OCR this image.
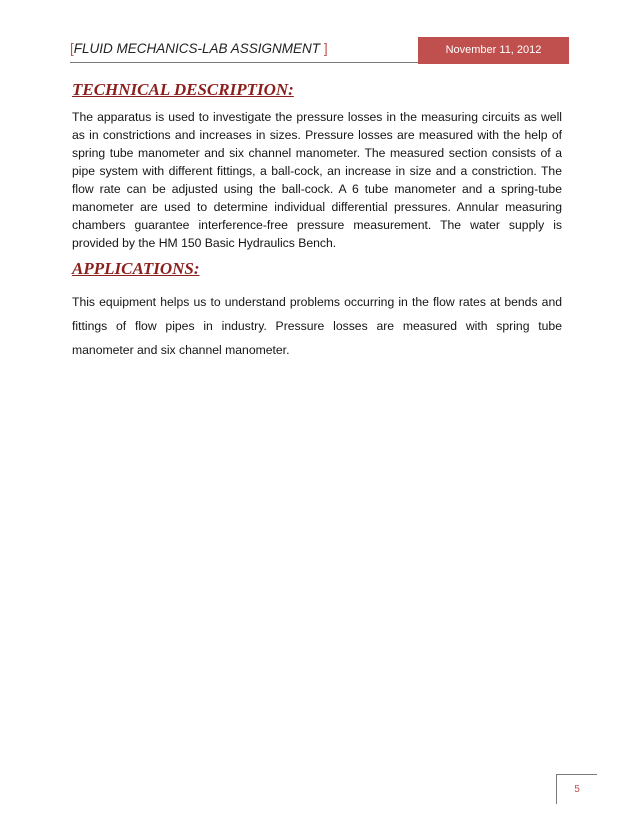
[FLUID MECHANICS-LAB ASSIGNMENT ]	November 11, 2012
TECHNICAL DESCRIPTION:
The apparatus is used to investigate the pressure losses in the measuring circuits as well as in constrictions and increases in sizes. Pressure losses are measured with the help of spring tube manometer and six channel manometer. The measured section consists of a pipe system with different fittings, a ball-cock, an increase in size and a constriction. The flow rate can be adjusted using the ball-cock. A 6 tube manometer and a spring-tube manometer are used to determine individual differential pressures. Annular measuring chambers guarantee interference-free pressure measurement. The water supply is provided by the HM 150 Basic Hydraulics Bench.
APPLICATIONS:
This equipment helps us to understand problems occurring in the flow rates at bends and fittings of flow pipes in industry. Pressure losses are measured with spring tube manometer and six channel manometer.
5
